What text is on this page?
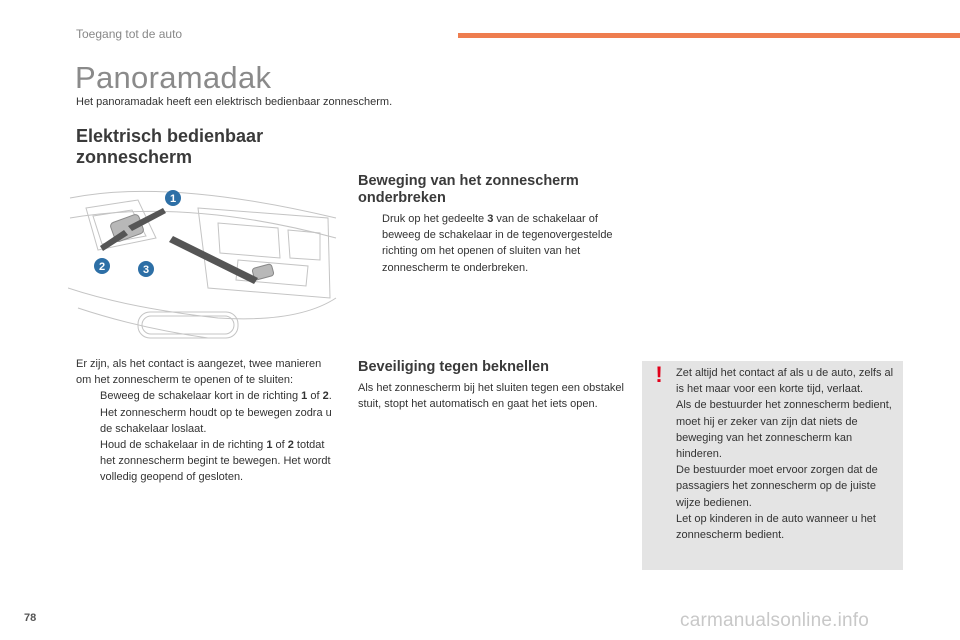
Toegang tot de auto
Panoramadak
Het panoramadak heeft een elektrisch bedienbaar zonnescherm.
Elektrisch bedienbaar
zonnescherm
1
2	3
Er zijn, als het contact is aangezet, twee manieren om het zonnescherm te openen of te sluiten:
Beweeg de schakelaar kort in de richting 1 of 2. Het zonnescherm houdt op te bewegen zodra u de schakelaar loslaat.
Houd de schakelaar in de richting 1 of 2 totdat het zonnescherm begint te bewegen. Het wordt volledig geopend of gesloten.
Beweging van het zonnescherm
onderbreken
Druk op het gedeelte 3 van de schakelaar of beweeg de schakelaar in de tegenovergestelde richting om het openen of sluiten van het zonnescherm te onderbreken.
Beveiliging tegen beknellen
Als het zonnescherm bij het sluiten tegen een obstakel stuit, stopt het automatisch en gaat het iets open.
!	Zet altijd het contact af als u de auto, zelfs al is het maar voor een korte tijd, verlaat.
Als de bestuurder het zonnescherm bedient, moet hij er zeker van zijn dat niets de beweging van het zonnescherm kan hinderen.
De bestuurder moet ervoor zorgen dat de passagiers het zonnescherm op de juiste wijze bedienen.
Let op kinderen in de auto wanneer u het zonnescherm bedient.
78	carmanualsonline.info
